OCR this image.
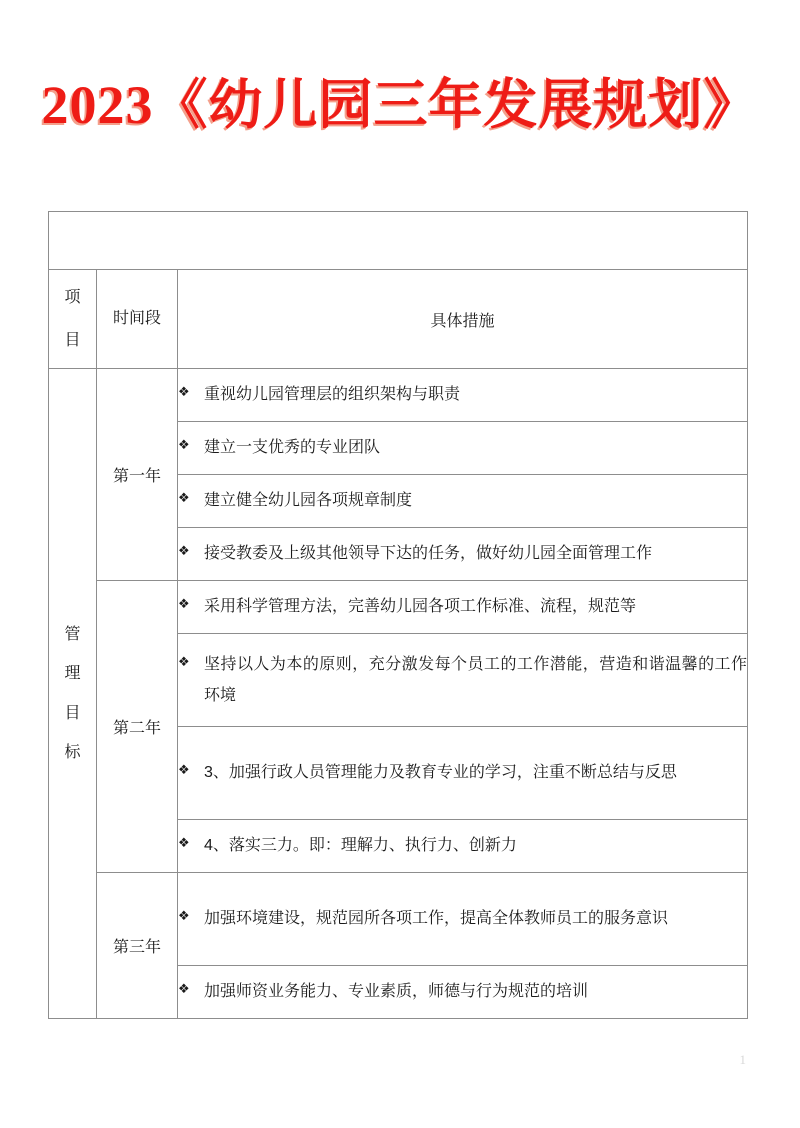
2023《幼儿园三年发展规划》

项
目	时间段	具体措施

管
理
目
标	第一年	❖ 重视幼儿园管理层的组织架构与职责

		❖ 建立一支优秀的专业团队

		❖ 建立健全幼儿园各项规章制度

		❖ 接受教委及上级其他领导下达的任务，做好幼儿园全面管理工作

	第二年	❖ 采用科学管理方法，完善幼儿园各项工作标准、流程，规范等

		❖ 坚持以人为本的原则，充分激发每个员工的工作潜能，营造和谐温馨的工作环境

		❖ 3、加强行政人员管理能力及教育专业的学习，注重不断总结与反思

		❖ 4、落实三力。即：理解力、执行力、创新力

	第三年	❖ 加强环境建设，规范园所各项工作，提高全体教师员工的服务意识

		❖ 加强师资业务能力、专业素质，师德与行为规范的培训
1
